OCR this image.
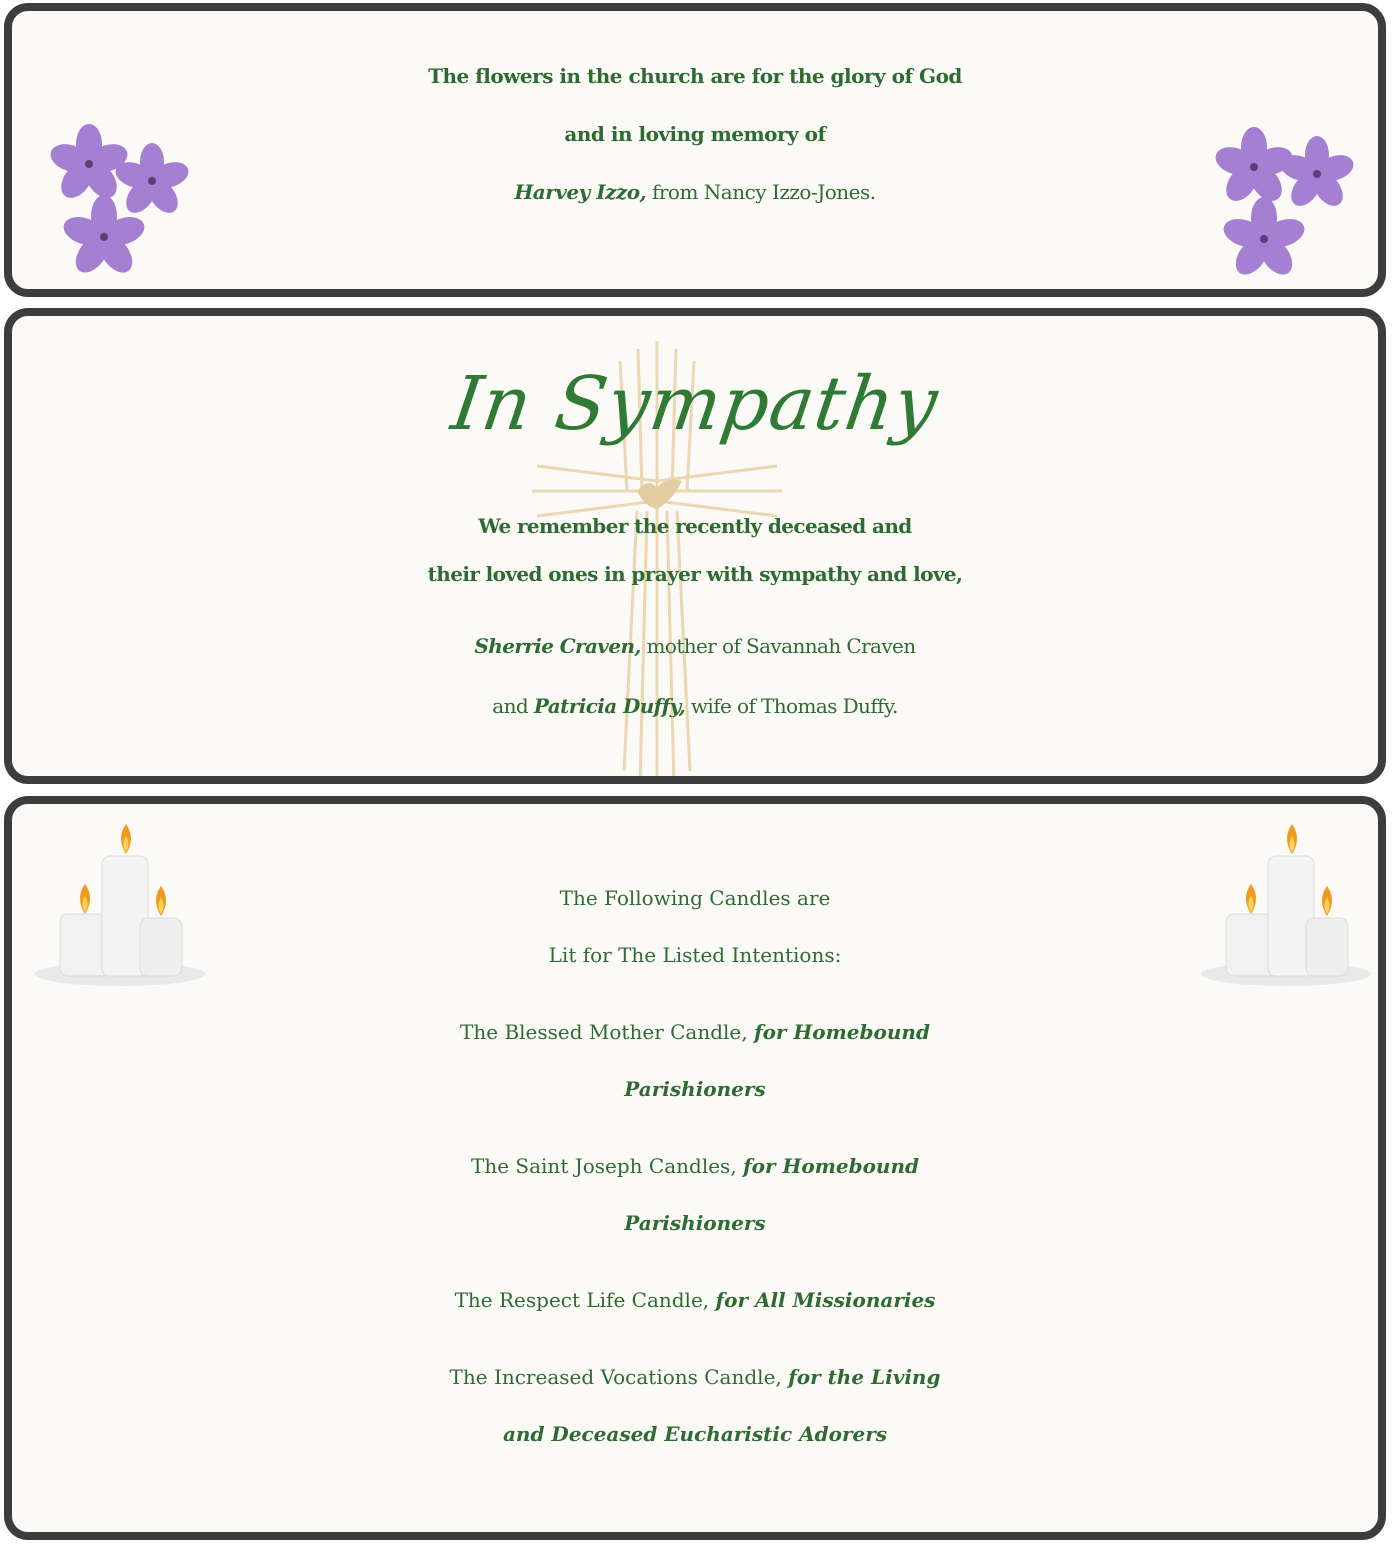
The flowers in the church are for the glory of God
and in loving memory of
Harvey Izzo, from Nancy Izzo-Jones.
In Sympathy
We remember the recently deceased and
their loved ones in prayer with sympathy and love,
Sherrie Craven, mother of Savannah Craven
and Patricia Duffy, wife of Thomas Duffy.
The Following Candles are
Lit for The Listed Intentions:
The Blessed Mother Candle, for Homebound
Parishioners
The Saint Joseph Candles, for Homebound
Parishioners
The Respect Life Candle, for All Missionaries
The Increased Vocations Candle, for the Living
and Deceased Eucharistic Adorers
